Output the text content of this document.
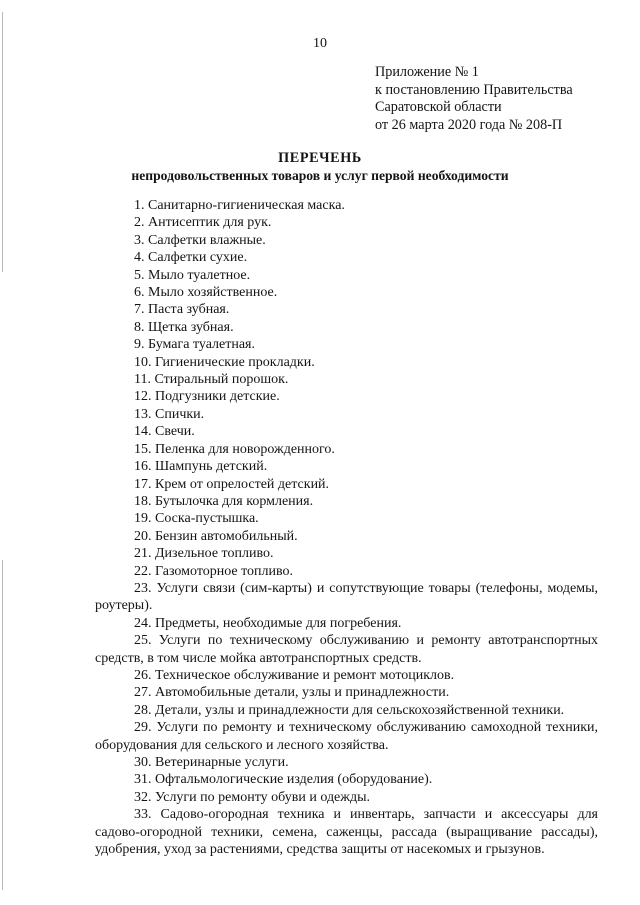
10
Приложение № 1
к постановлению Правительства
Саратовской области
от 26 марта 2020 года № 208-П
ПЕРЕЧЕНЬ
непродовольственных товаров и услуг первой необходимости
1. Санитарно-гигиеническая маска.
2. Антисептик для рук.
3. Салфетки влажные.
4. Салфетки сухие.
5. Мыло туалетное.
6. Мыло хозяйственное.
7. Паста зубная.
8. Щетка зубная.
9. Бумага туалетная.
10. Гигиенические прокладки.
11. Стиральный порошок.
12. Подгузники детские.
13. Спички.
14. Свечи.
15. Пеленка для новорожденного.
16. Шампунь детский.
17. Крем от опрелостей детский.
18. Бутылочка для кормления.
19. Соска-пустышка.
20. Бензин автомобильный.
21. Дизельное топливо.
22. Газомоторное топливо.
23. Услуги связи (сим-карты) и сопутствующие товары (телефоны, модемы, роутеры).
24. Предметы, необходимые для погребения.
25. Услуги по техническому обслуживанию и ремонту автотранспортных средств, в том числе мойка автотранспортных средств.
26. Техническое обслуживание и ремонт мотоциклов.
27. Автомобильные детали, узлы и принадлежности.
28. Детали, узлы и принадлежности для сельскохозяйственной техники.
29. Услуги по ремонту и техническому обслуживанию самоходной техники, оборудования для сельского и лесного хозяйства.
30. Ветеринарные услуги.
31. Офтальмологические изделия (оборудование).
32. Услуги по ремонту обуви и одежды.
33. Садово-огородная техника и инвентарь, запчасти и аксессуары для садово-огородной техники, семена, саженцы, рассада (выращивание рассады), удобрения, уход за растениями, средства защиты от насекомых и грызунов.
